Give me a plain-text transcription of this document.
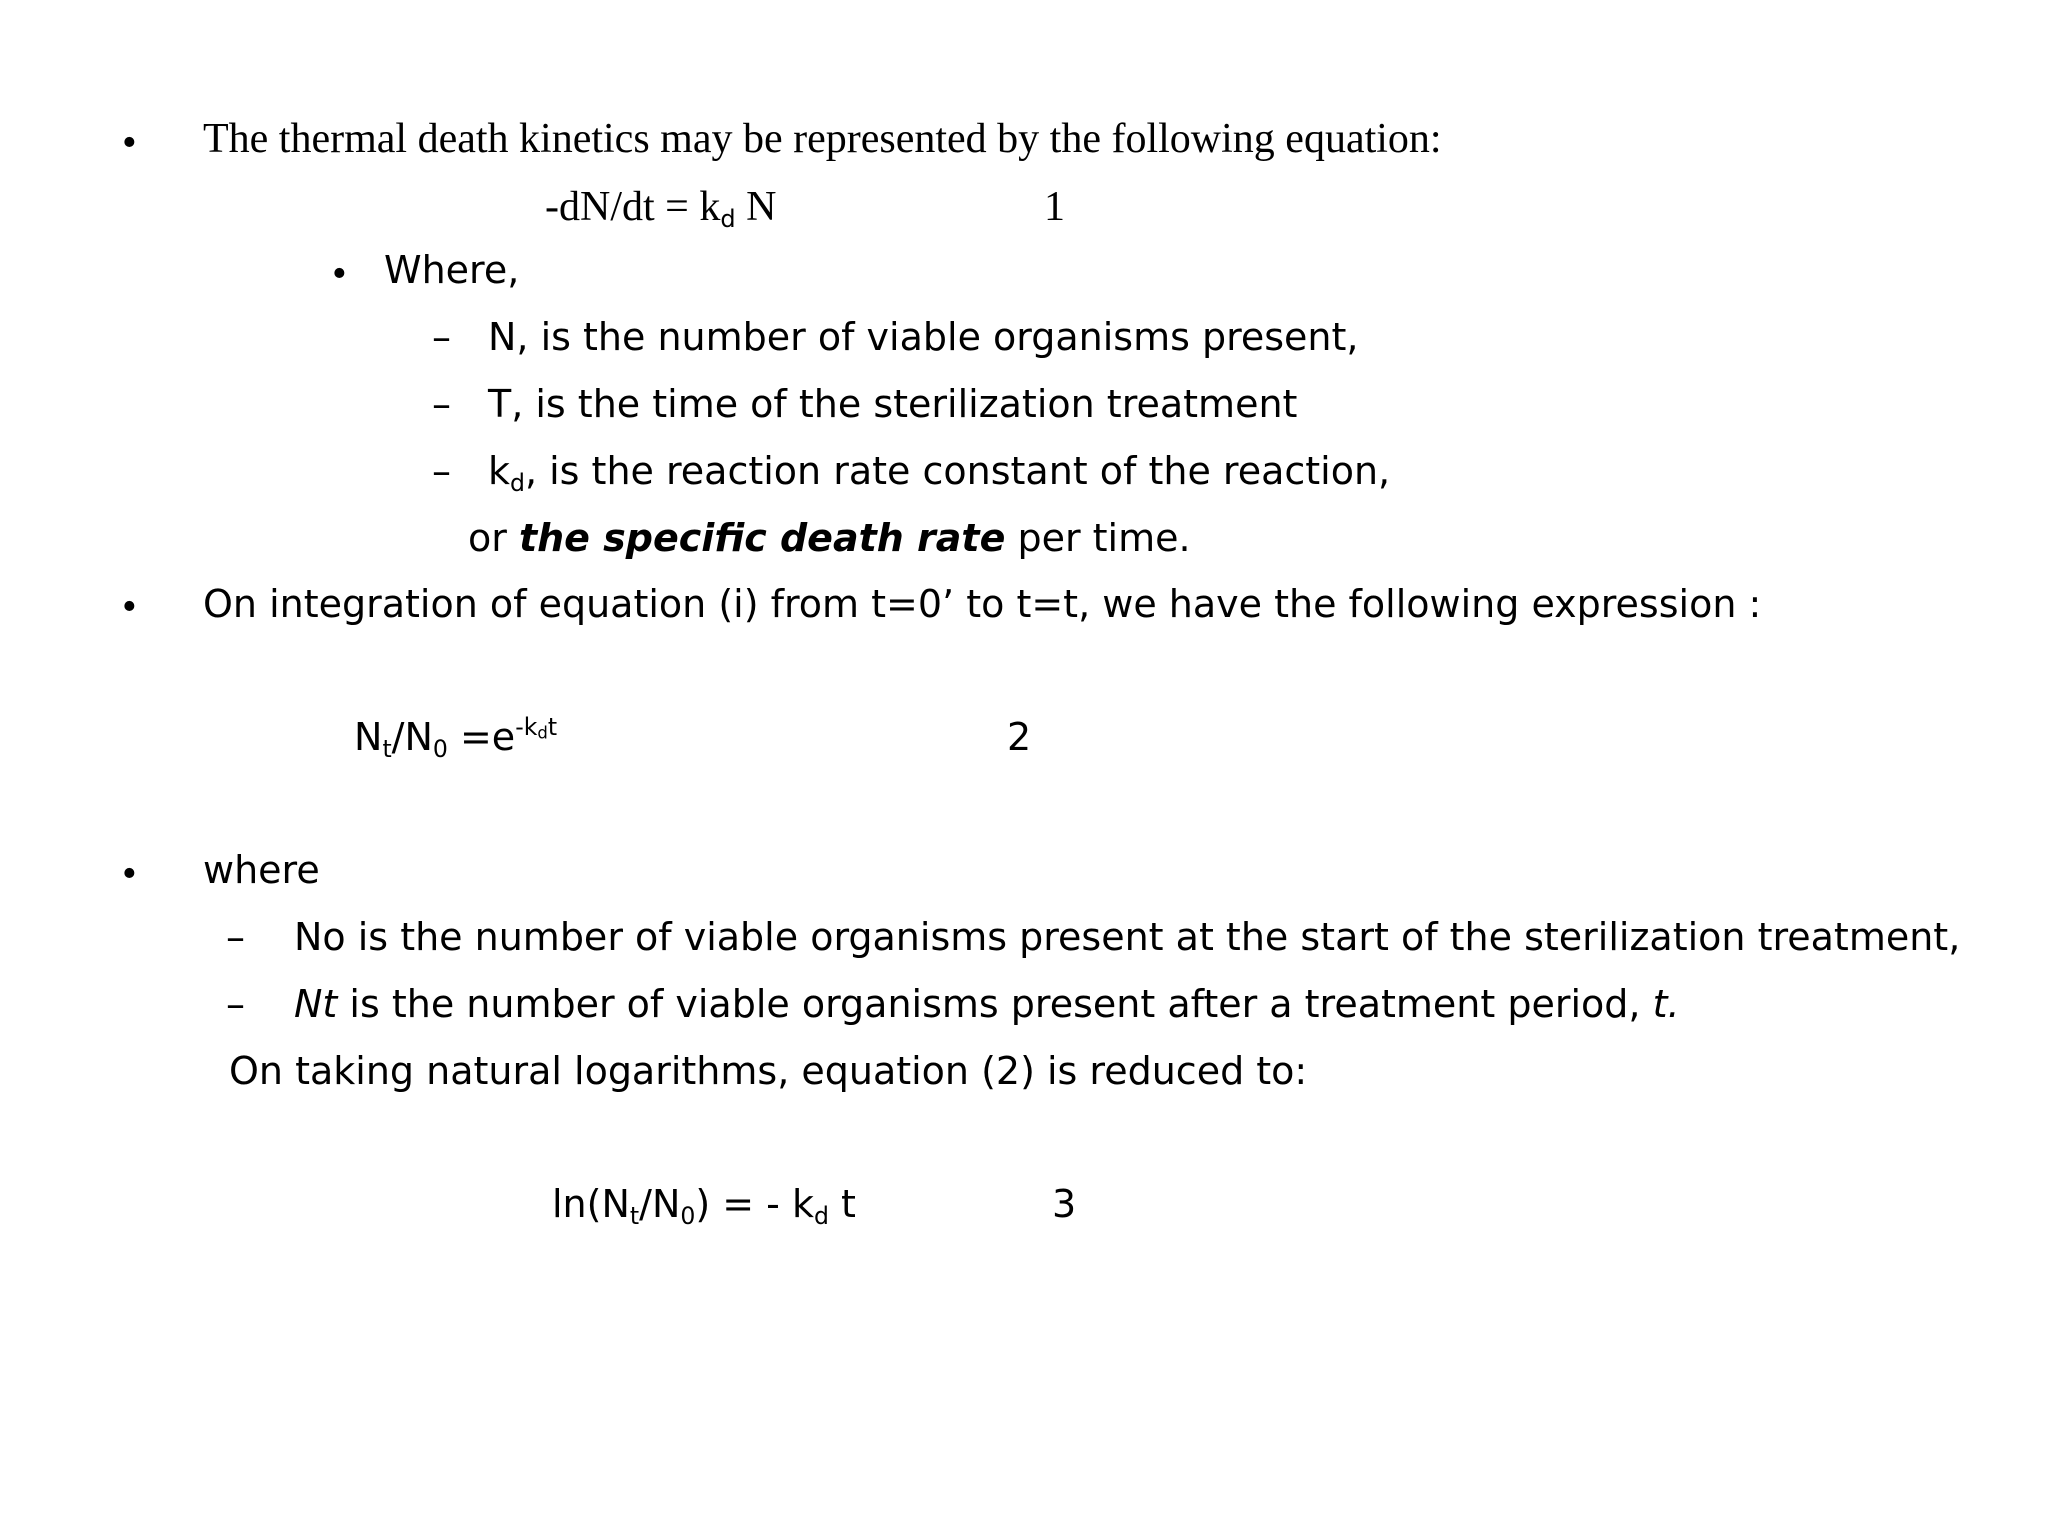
• The thermal death kinetics may be represented by the following equation:
$-dN/dt = k_d$ N	1
• Where,
– N, is the number of viable organisms present,
– T, is the time of the sterilization treatment
– $k_d$, is the reaction rate constant of the reaction,
or the specific death rate per time.
• On integration of equation (i) from t=0’ to t=t, we have the following expression :
$N_t/N_0 =e^{-kdt}$	2
• where
– No is the number of viable organisms present at the start of the sterilization treatment,
– Nt is the number of viable organisms present after a treatment period, t.
On taking natural logarithms, equation (2) is reduced to:
$\ln(N_t/N_0)$ = - $k_d$ t	3
